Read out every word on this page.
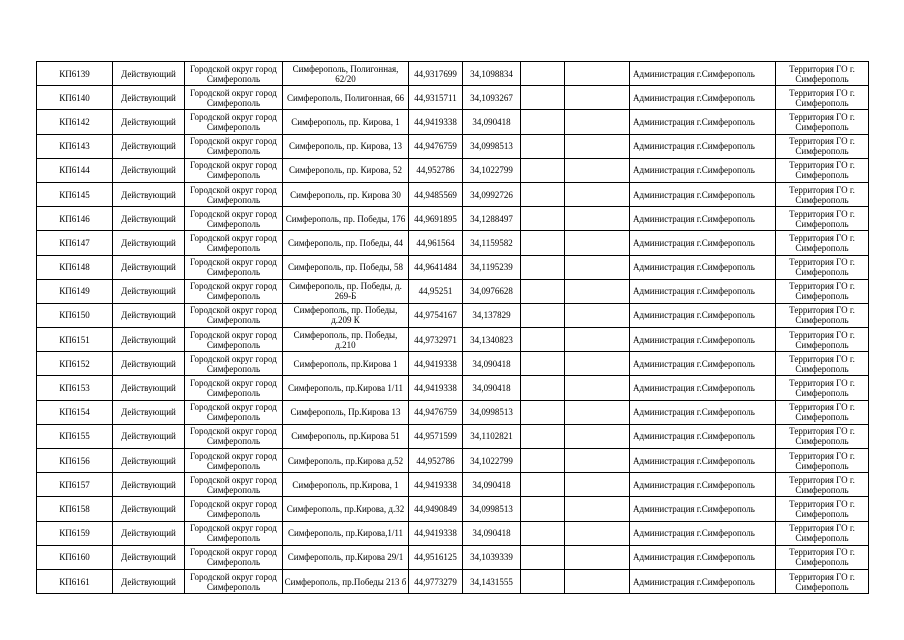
КП6139	Действующий	Городской округ город Симферополь	Симферополь, Полигонная, 62/20	44,9317699	34,1098834			Администрация г.Симферополь	Территория ГО г. Симферополь
КП6140	Действующий	Городской округ город Симферополь	Симферополь, Полигонная, 66	44,9315711	34,1093267			Администрация г.Симферополь	Территория ГО г. Симферополь
КП6142	Действующий	Городской округ город Симферополь	Симферополь, пр. Кирова, 1	44,9419338	34,090418			Администрация г.Симферополь	Территория ГО г. Симферополь
КП6143	Действующий	Городской округ город Симферополь	Симферополь, пр. Кирова, 13	44,9476759	34,0998513			Администрация г.Симферополь	Территория ГО г. Симферополь
КП6144	Действующий	Городской округ город Симферополь	Симферополь, пр. Кирова, 52	44,952786	34,1022799			Администрация г.Симферополь	Территория ГО г. Симферополь
КП6145	Действующий	Городской округ город Симферополь	Симферополь, пр. Кирова 30	44,9485569	34,0992726			Администрация г.Симферополь	Территория ГО г. Симферополь
КП6146	Действующий	Городской округ город Симферополь	Симферополь, пр. Победы, 176	44,9691895	34,1288497			Администрация г.Симферополь	Территория ГО г. Симферополь
КП6147	Действующий	Городской округ город Симферополь	Симферополь, пр. Победы, 44	44,961564	34,1159582			Администрация г.Симферополь	Территория ГО г. Симферополь
КП6148	Действующий	Городской округ город Симферополь	Симферополь, пр. Победы, 58	44,9641484	34,1195239			Администрация г.Симферополь	Территория ГО г. Симферополь
КП6149	Действующий	Городской округ город Симферополь	Симферополь, пр. Победы, д. 269-Б	44,95251	34,0976628			Администрация г.Симферополь	Территория ГО г. Симферополь
КП6150	Действующий	Городской округ город Симферополь	Симферополь, пр. Победы, д.209 К	44,9754167	34,137829			Администрация г.Симферополь	Территория ГО г. Симферополь
КП6151	Действующий	Городской округ город Симферополь	Симферополь, пр. Победы, д.210	44,9732971	34,1340823			Администрация г.Симферополь	Территория ГО г. Симферополь
КП6152	Действующий	Городской округ город Симферополь	Симферополь, пр.Кирова 1	44,9419338	34,090418			Администрация г.Симферополь	Территория ГО г. Симферополь
КП6153	Действующий	Городской округ город Симферополь	Симферополь, пр.Кирова 1/11	44,9419338	34,090418			Администрация г.Симферополь	Территория ГО г. Симферополь
КП6154	Действующий	Городской округ город Симферополь	Симферополь, Пр.Кирова 13	44,9476759	34,0998513			Администрация г.Симферополь	Территория ГО г. Симферополь
КП6155	Действующий	Городской округ город Симферополь	Симферополь, пр.Кирова 51	44,9571599	34,1102821			Администрация г.Симферополь	Территория ГО г. Симферополь
КП6156	Действующий	Городской округ город Симферополь	Симферополь, пр.Кирова д.52	44,952786	34,1022799			Администрация г.Симферополь	Территория ГО г. Симферополь
КП6157	Действующий	Городской округ город Симферополь	Симферополь, пр.Кирова, 1	44,9419338	34,090418			Администрация г.Симферополь	Территория ГО г. Симферополь
КП6158	Действующий	Городской округ город Симферополь	Симферополь, пр.Кирова, д.32	44,9490849	34,0998513			Администрация г.Симферополь	Территория ГО г. Симферополь
КП6159	Действующий	Городской округ город Симферополь	Симферополь, пр.Кирова,1/11	44,9419338	34,090418			Администрация г.Симферополь	Территория ГО г. Симферополь
КП6160	Действующий	Городской округ город Симферополь	Симферополь, пр.Кирова 29/1	44,9516125	34,1039339			Администрация г.Симферополь	Территория ГО г. Симферополь
КП6161	Действующий	Городской округ город Симферополь	Симферополь, пр.Победы 213 б	44,9773279	34,1431555			Администрация г.Симферополь	Территория ГО г. Симферополь
